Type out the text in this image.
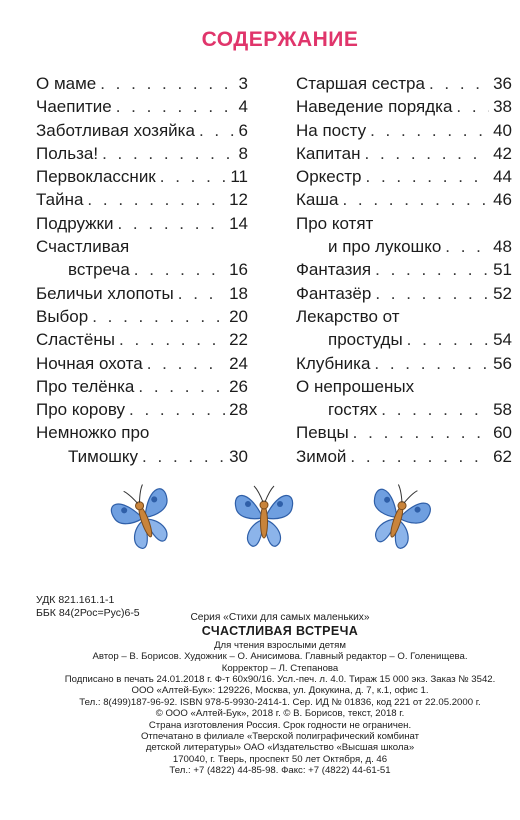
СОДЕРЖАНИЕ
О маме . . .	3
Чаепитие . . .	4
Заботливая хозяйка . . .	6
Польза! . . .	8
Первоклассник . . .	11
Тайна . . .	12
Подружки . . .	14
Счастливая
встреча . . .	16
Беличьи хлопоты . . .	18
Выбор . . .	20
Сластёны . . .	22
Ночная охота . . .	24
Про телёнка . . .	26
Про корову . . .	28
Немножко про
Тимошку . . .	30
Старшая сестра . . .	36
Наведение порядка . . . 38
На посту . . .	40
Капитан . . .	42
Оркестр . . .	44
Каша . . .	46
Про котят
и про лукошко . . .	48
Фантазия . . .	51
Фантазёр . . .	52
Лекарство от
простуды . . .	54
Клубника . . .	56
О непрошеных
гостях . . .	58
Певцы . . .	60
Зимой . . .	62
УДК 821.161.1-1
ББК 84(2Рос=Рус)6-5	Серия «Стихи для самых маленьких»
СЧАСТЛИВАЯ ВСТРЕЧА
Для чтения взрослыми детям
Автор – В. Борисов. Художник – О. Анисимова. Главный редактор – О. Голенищева.
Корректор – Л. Степанова
Подписано в печать 24.01.2018 г. Ф-т 60х90/16. Усл.-печ. л. 4.0. Тираж 15 000 экз. Заказ № 3542.
ООО «Алтей-Бук»: 129226, Москва, ул. Докукина, д. 7, к.1, офис 1.
Тел.: 8(499)187-96-92. ISBN 978-5-9930-2414-1. Сер. ИД № 01836, код 221 от 22.05.2000 г.
© ООО «Алтей-Бук», 2018 г. © В. Борисов, текст, 2018 г.
Страна изготовления Россия. Срок годности не ограничен.
Отпечатано в филиале «Тверской полиграфический комбинат
детской литературы» ОАО «Издательство «Высшая школа»
170040, г. Тверь, проспект 50 лет Октября, д. 46
Тел.: +7 (4822) 44-85-98. Факс: +7 (4822) 44-61-51
